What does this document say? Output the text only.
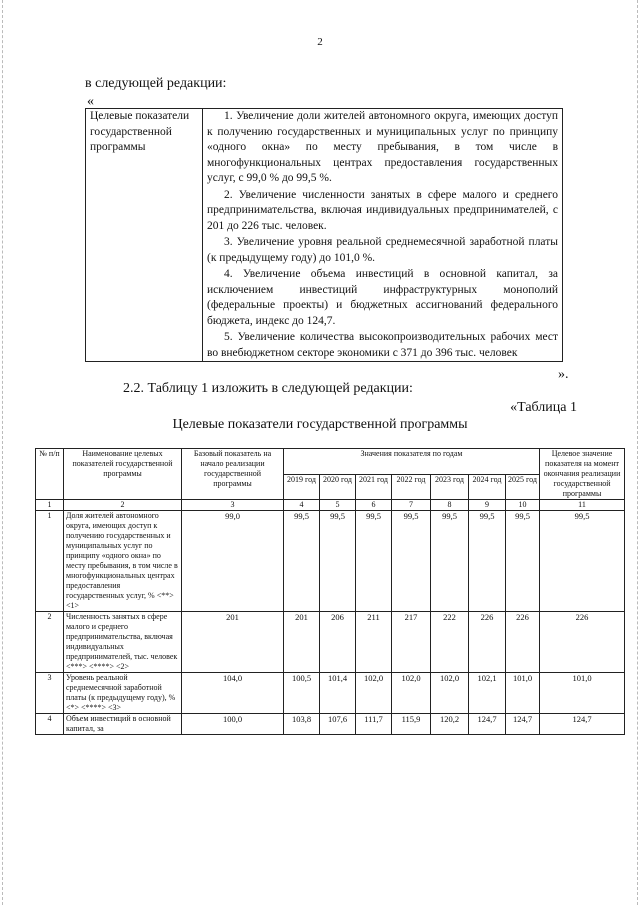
2
в следующей редакции:
«
Целевые показатели государственной программы	

1. Увеличение доли жителей автономного округа, имеющих доступ к получению государственных и муниципальных услуг по принципу «одного окна» по месту пребывания, в том числе в многофункциональных центрах предоставления государственных услуг, с 99,0 % до 99,5 %.

2. Увеличение численности занятых в сфере малого и среднего предпринимательства, включая индивидуальных предпринимателей, с 201 до 226 тыс. человек.

3. Увеличение уровня реальной среднемесячной заработной платы (к предыдущему году) до 101,0 %.

4. Увеличение объема инвестиций в основной капитал, за исключением инвестиций инфраструктурных монополий (федеральные проекты) и бюджетных ассигнований федерального бюджета, индекс до 124,7.

5. Увеличение количества высокопроизводительных рабочих мест во внебюджетном секторе экономики с 371 до 396 тыс. человек

».
2.2. Таблицу 1 изложить в следующей редакции:
«Таблица 1
Целевые показатели государственной программы
№ п/п	Наименование целевых показателей государственной программы	Базовый показатель на начало реализации государственной программы	Значения показателя по годам							Целевое значение показателя на момент окончания реализации государственной программы
			2019 год	2020 год	2021 год	2022 год	2023 год	2024 год	2025 год	
1	2	3	4	5	6	7	8	9	10	11
1	Доля жителей автономного округа, имеющих доступ к получению государственных и муниципальных услуг по принципу «одного окна» по месту пребывания, в том числе в многофункциональных центрах предоставления государственных услуг, % <**> <1>	99,0	99,5	99,5	99,5	99,5	99,5	99,5	99,5	99,5
2	Численность занятых в сфере малого и среднего предпринимательства, включая индивидуальных предпринимателей, тыс. человек <***> <****> <2>	201	201	206	211	217	222	226	226	226
3	Уровень реальной среднемесячной заработной платы (к предыдущему году), % <*> <****> <3>	104,0	100,5	101,4	102,0	102,0	102,0	102,1	101,0	101,0
4	Объем инвестиций в основной капитал, за	100,0	103,8	107,6	111,7	115,9	120,2	124,7	124,7	124,7
